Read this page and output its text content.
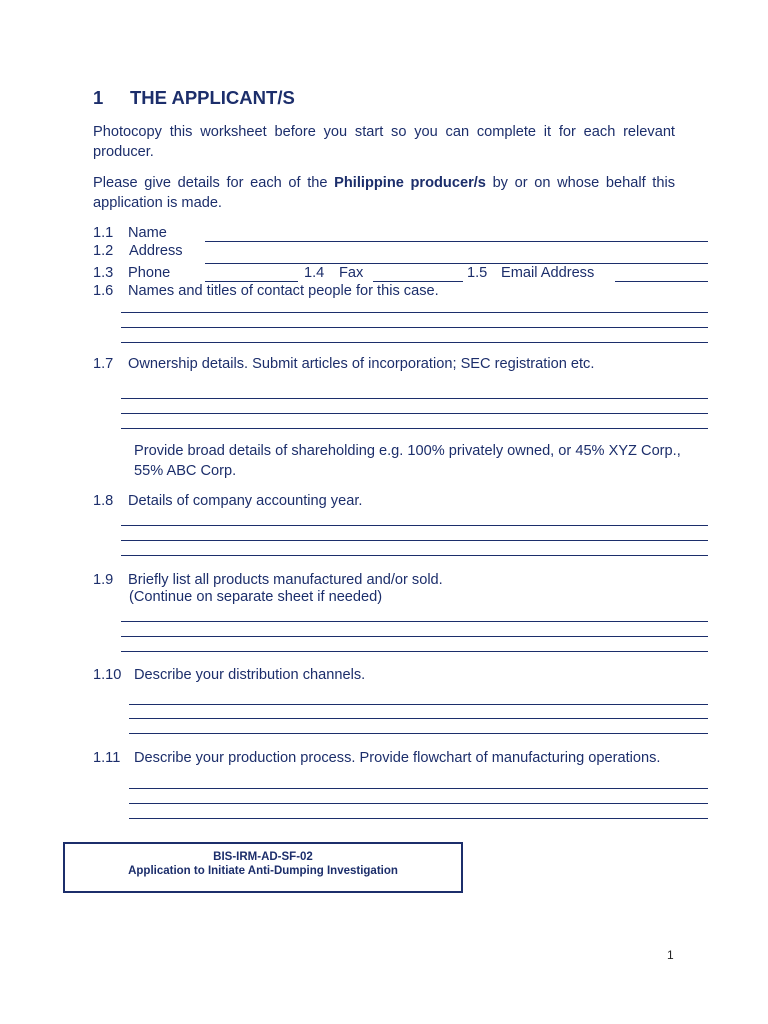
1 THE APPLICANT/S
Photocopy this worksheet before you start so you can complete it for each relevant producer.
Please give details for each of the Philippine producer/s by or on whose behalf this application is made.
1.1 Name
1.2 Address
1.3 Phone	1.4 Fax	1.5 Email Address
1.6 Names and titles of contact people for this case.
1.7 Ownership details. Submit articles of incorporation; SEC registration etc.
Provide broad details of shareholding e.g. 100% privately owned, or 45% XYZ Corp., 55% ABC Corp.
1.8 Details of company accounting year.
1.9 Briefly list all products manufactured and/or sold.
(Continue on separate sheet if needed)
1.10 Describe your distribution channels.
1.11 Describe your production process. Provide flowchart of manufacturing operations.
BIS-IRM-AD-SF-02
Application to Initiate Anti-Dumping Investigation
1
